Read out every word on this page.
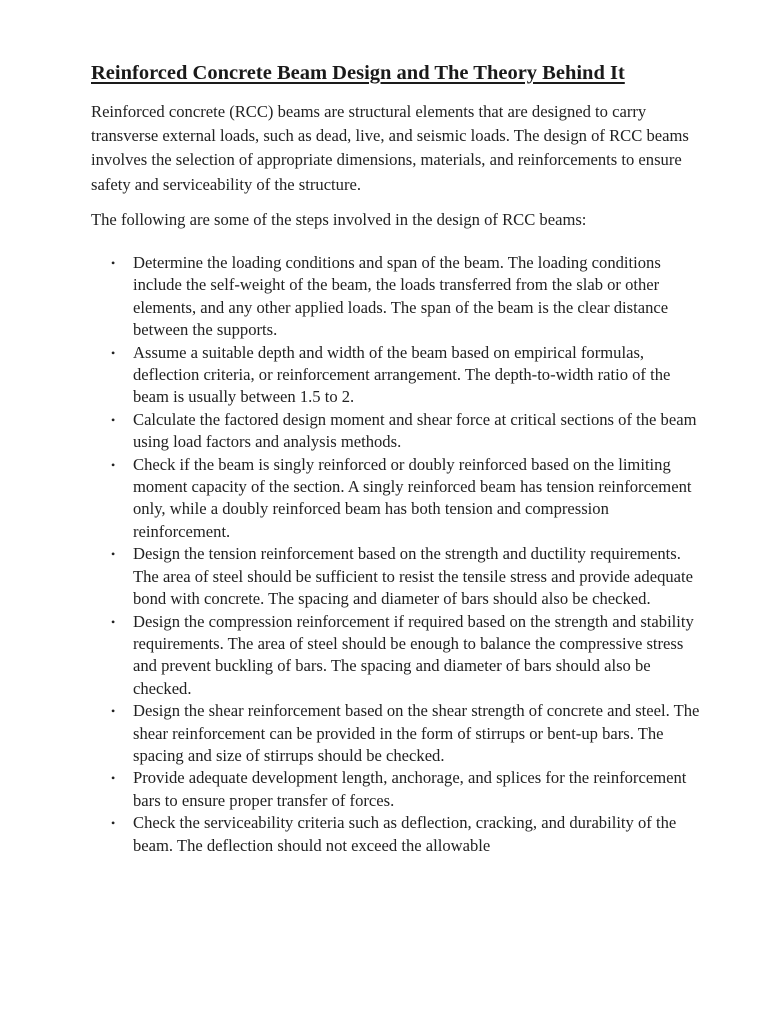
Reinforced Concrete Beam Design and The Theory Behind It

Reinforced concrete (RCC) beams are structural elements that are designed to carry transverse external loads, such as dead, live, and seismic loads. The design of RCC beams involves the selection of appropriate dimensions, materials, and reinforcements to ensure safety and serviceability of the structure.

The following are some of the steps involved in the design of RCC beams:

• Determine the loading conditions and span of the beam. The loading conditions include the self-weight of the beam, the loads transferred from the slab or other elements, and any other applied loads. The span of the beam is the clear distance between the supports.
• Assume a suitable depth and width of the beam based on empirical formulas, deflection criteria, or reinforcement arrangement. The depth-to-width ratio of the beam is usually between 1.5 to 2.
• Calculate the factored design moment and shear force at critical sections of the beam using load factors and analysis methods.
• Check if the beam is singly reinforced or doubly reinforced based on the limiting moment capacity of the section. A singly reinforced beam has tension reinforcement only, while a doubly reinforced beam has both tension and compression reinforcement.
• Design the tension reinforcement based on the strength and ductility requirements. The area of steel should be sufficient to resist the tensile stress and provide adequate bond with concrete. The spacing and diameter of bars should also be checked.
• Design the compression reinforcement if required based on the strength and stability requirements. The area of steel should be enough to balance the compressive stress and prevent buckling of bars. The spacing and diameter of bars should also be checked.
• Design the shear reinforcement based on the shear strength of concrete and steel. The shear reinforcement can be provided in the form of stirrups or bent-up bars. The spacing and size of stirrups should be checked.
• Provide adequate development length, anchorage, and splices for the reinforcement bars to ensure proper transfer of forces.
• Check the serviceability criteria such as deflection, cracking, and durability of the beam. The deflection should not exceed the allowable
